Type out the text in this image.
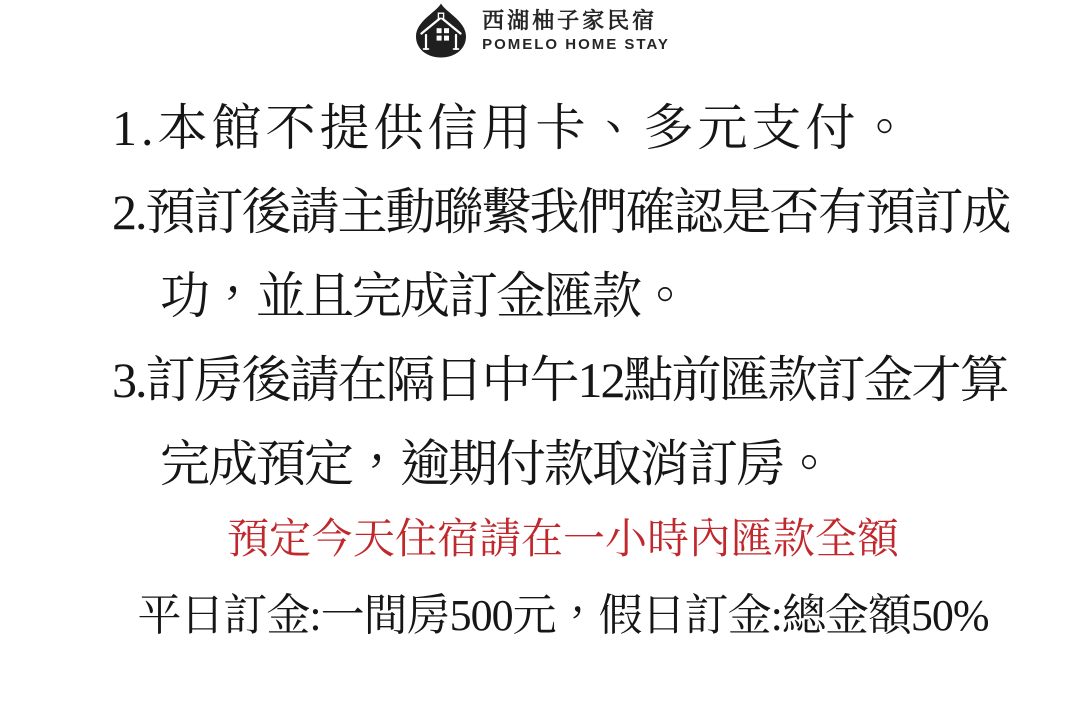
西湖柚子家民宿
POMELO HOME STAY
1.本館不提供信用卡、多元支付。
2.預訂後請主動聯繫我們確認是否有預訂成
功，並且完成訂金匯款。
3.訂房後請在隔日中午12點前匯款訂金才算
完成預定，逾期付款取消訂房。
預定今天住宿請在一小時內匯款全額
平日訂金:一間房500元，假日訂金:總金額50%
